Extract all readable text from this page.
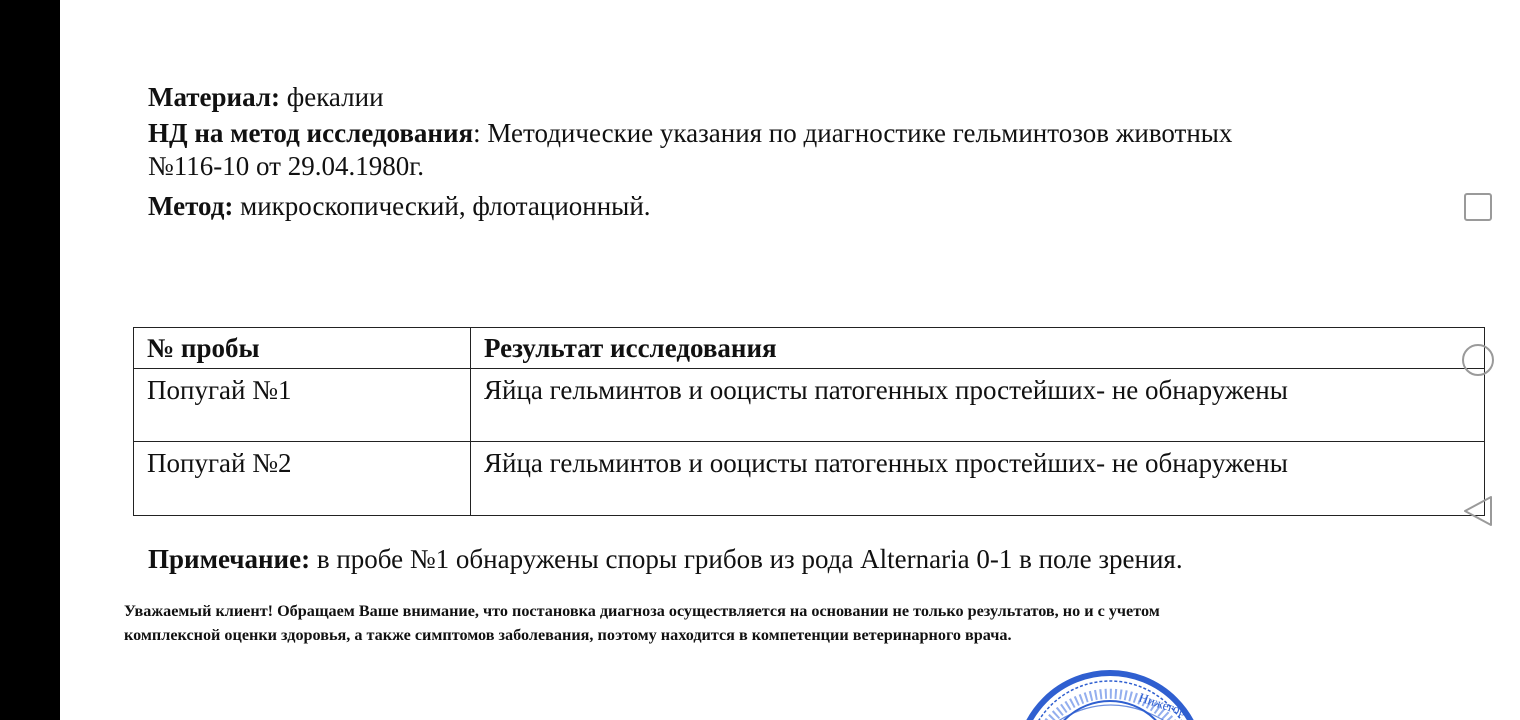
Материал: фекалии
НД на метод исследования: Методические указания по диагностике гельминтозов животных
№116-10 от 29.04.1980г.
Метод: микроскопический, флотационный.
№ пробы	Результат исследования
Попугай №1	Яйца гельминтов и ооцисты патогенных простейших- не обнаружены
Попугай №2	Яйца гельминтов и ооцисты патогенных простейших- не обнаружены
Примечание: в пробе №1 обнаружены споры грибов из рода Alternaria 0-1 в поле зрения.
Уважаемый клиент! Обращаем Ваше внимание, что постановка диагноза осуществляется на основании не только результатов, но и с учетом
комплексной оценки здоровья, а также симптомов заболевания, поэтому находится в компетенции ветеринарного врача.
Нижегор
